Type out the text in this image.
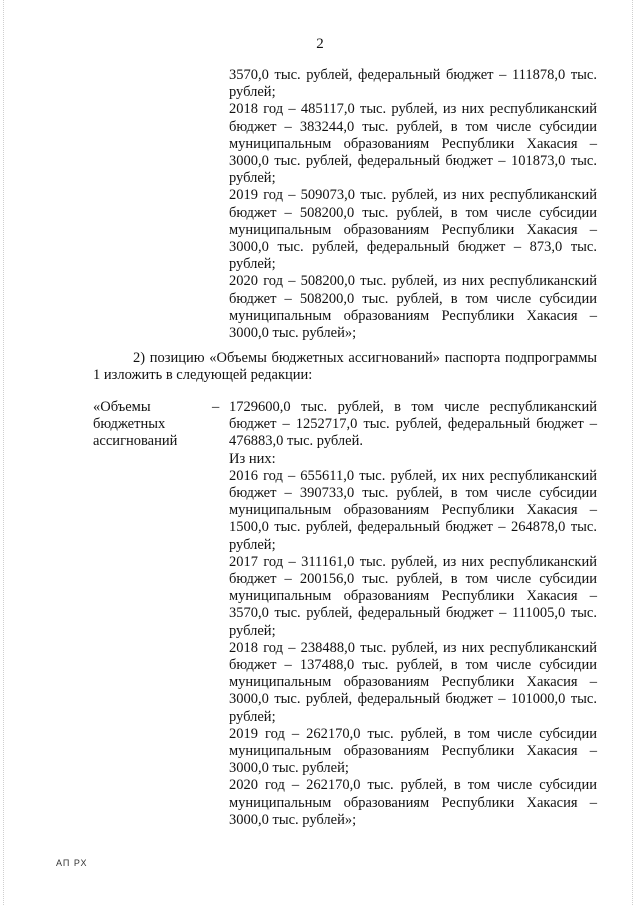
2

3570,0 тыс. рублей, федеральный бюджет – 111878,0 тыс. рублей;

2018 год – 485117,0 тыс. рублей, из них республиканский бюджет – 383244,0 тыс. рублей, в том числе субсидии муниципальным образованиям Республики Хакасия – 3000,0 тыс. рублей, федеральный бюджет – 101873,0 тыс. рублей;

2019 год – 509073,0 тыс. рублей, из них республиканский бюджет – 508200,0 тыс. рублей, в том числе субсидии муниципальным образованиям Республики Хакасия – 3000,0 тыс. рублей, федеральный бюджет – 873,0 тыс. рублей;

2020 год – 508200,0 тыс. рублей, из них республиканский бюджет – 508200,0 тыс. рублей, в том числе субсидии муниципальным образованиям Республики Хакасия – 3000,0 тыс. рублей»;

2) позицию «Объемы бюджетных ассигнований» паспорта подпрограммы 1 изложить в следующей редакции:
«Объемы бюджетных ассигнований
– 1729600,0 тыс. рублей, в том числе республиканский бюджет – 1252717,0 тыс. рублей, федеральный бюджет – 476883,0 тыс. рублей.

Из них:

2016 год – 655611,0 тыс. рублей, их них республиканский бюджет – 390733,0 тыс. рублей, в том числе субсидии муниципальным образованиям Республики Хакасия – 1500,0 тыс. рублей, федеральный бюджет – 264878,0 тыс. рублей;

2017 год – 311161,0 тыс. рублей, из них республиканский бюджет – 200156,0 тыс. рублей, в том числе субсидии муниципальным образованиям Республики Хакасия – 3570,0 тыс. рублей, федеральный бюджет – 111005,0 тыс. рублей;

2018 год – 238488,0 тыс. рублей, из них республиканский бюджет – 137488,0 тыс. рублей, в том числе субсидии муниципальным образованиям Республики Хакасия – 3000,0 тыс. рублей, федеральный бюджет – 101000,0 тыс. рублей;

2019 год – 262170,0 тыс. рублей, в том числе субсидии муниципальным образованиям Республики Хакасия – 3000,0 тыс. рублей;

2020 год – 262170,0 тыс. рублей, в том числе субсидии муниципальным образованиям Республики Хакасия – 3000,0 тыс. рублей»;

АП РХ
